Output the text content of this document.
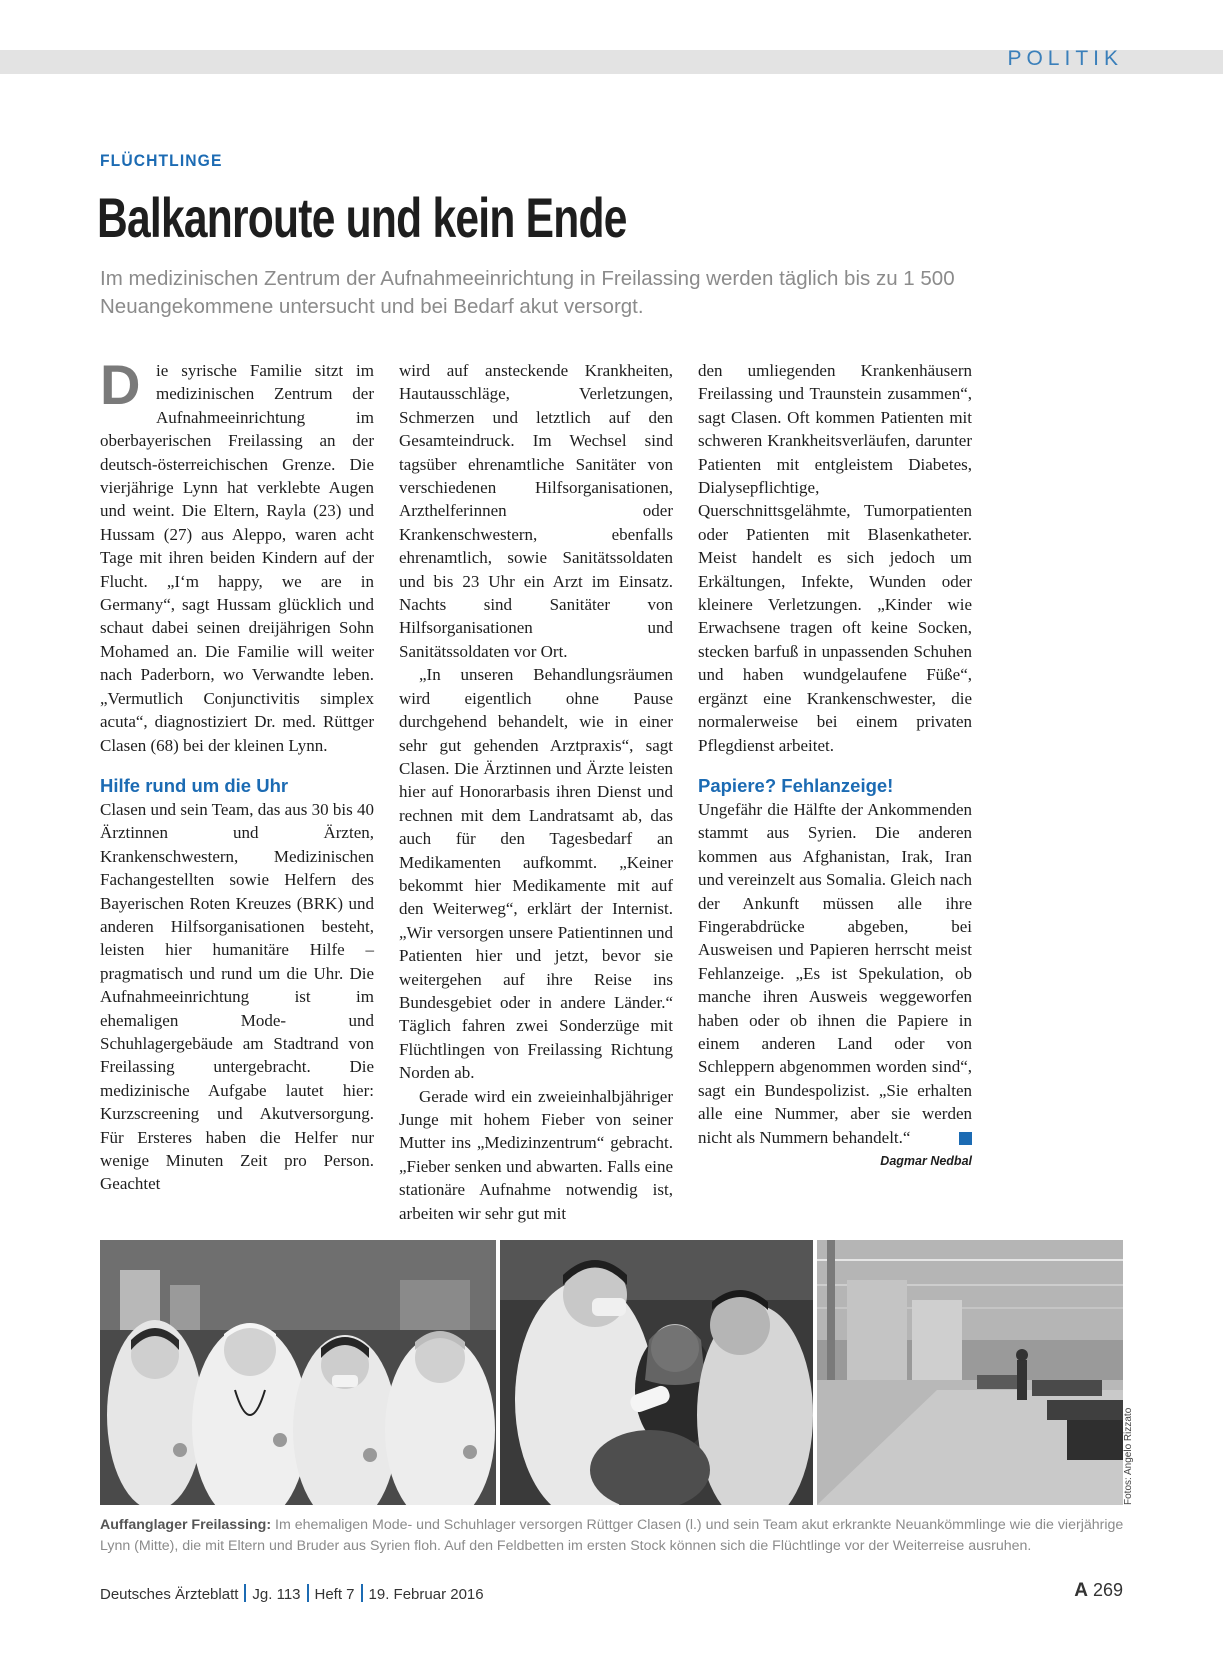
POLITIK
FLÜCHTLINGE
Balkanroute und kein Ende
Im medizinischen Zentrum der Aufnahmeeinrichtung in Freilassing werden täglich bis zu 1 500 Neuangekommene untersucht und bei Bedarf akut versorgt.
D ie syrische Familie sitzt im medizinischen Zentrum der Aufnahmeeinrichtung im oberbayerischen Freilassing an der deutsch-österreichischen Grenze. Die vierjährige Lynn hat verklebte Augen und weint. Die Eltern, Rayla (23) und Hussam (27) aus Aleppo, waren acht Tage mit ihren beiden Kindern auf der Flucht. „I‘m happy, we are in Germany“, sagt Hussam glücklich und schaut dabei seinen dreijährigen Sohn Mohamed an. Die Familie will weiter nach Paderborn, wo Verwandte leben. „Vermutlich Conjunctivitis simplex acuta“, diagnostiziert Dr. med. Rüttger Clasen (68) bei der kleinen Lynn.

Hilfe rund um die Uhr

Clasen und sein Team, das aus 30 bis 40 Ärztinnen und Ärzten, Krankenschwestern, Medizinischen Fachangestellten sowie Helfern des Bayerischen Roten Kreuzes (BRK) und anderen Hilfsorganisationen besteht, leisten hier humanitäre Hilfe – pragmatisch und rund um die Uhr. Die Aufnahmeeinrichtung ist im ehemaligen Mode- und Schuhlagergebäude am Stadtrand von Freilassing untergebracht. Die medizinische Aufgabe lautet hier: Kurzscreening und Akutversorgung. Für Ersteres haben die Helfer nur wenige Minuten Zeit pro Person. Geachtet

wird auf ansteckende Krankheiten, Hautausschläge, Verletzungen, Schmerzen und letztlich auf den Gesamteindruck. Im Wechsel sind tagsüber ehrenamtliche Sanitäter von verschiedenen Hilfsorganisationen, Arzthelferinnen oder Krankenschwestern, ebenfalls ehrenamtlich, sowie Sanitätssoldaten und bis 23 Uhr ein Arzt im Einsatz. Nachts sind Sanitäter von Hilfsorganisationen und Sanitätssoldaten vor Ort.

„In unseren Behandlungsräumen wird eigentlich ohne Pause durchgehend behandelt, wie in einer sehr gut gehenden Arztpraxis“, sagt Clasen. Die Ärztinnen und Ärzte leisten hier auf Honorarbasis ihren Dienst und rechnen mit dem Landratsamt ab, das auch für den Tagesbedarf an Medikamenten aufkommt. „Keiner bekommt hier Medikamente mit auf den Weiterweg“, erklärt der Internist. „Wir versorgen unsere Patientinnen und Patienten hier und jetzt, bevor sie weitergehen auf ihre Reise ins Bundesgebiet oder in andere Länder.“ Täglich fahren zwei Sonderzüge mit Flüchtlingen von Freilassing Richtung Norden ab.

Gerade wird ein zweieinhalbjähriger Junge mit hohem Fieber von seiner Mutter ins „Medizinzentrum“ gebracht. „Fieber senken und abwarten. Falls eine stationäre Aufnahme notwendig ist, arbeiten wir sehr gut mit

den umliegenden Krankenhäusern Freilassing und Traunstein zusammen“, sagt Clasen. Oft kommen Patienten mit schweren Krankheitsverläufen, darunter Patienten mit entgleistem Diabetes, Dialysepflichtige, Querschnittsgelähmte, Tumorpatienten oder Patienten mit Blasenkatheter. Meist handelt es sich jedoch um Erkältungen, Infekte, Wunden oder kleinere Verletzungen. „Kinder wie Erwachsene tragen oft keine Socken, stecken barfuß in unpassenden Schuhen und haben wundgelaufene Füße“, ergänzt eine Krankenschwester, die normalerweise bei einem privaten Pflegdienst arbeitet.

Papiere? Fehlanzeige!

Ungefähr die Hälfte der Ankommenden stammt aus Syrien. Die anderen kommen aus Afghanistan, Irak, Iran und vereinzelt aus Somalia. Gleich nach der Ankunft müssen alle ihre Fingerabdrücke abgeben, bei Ausweisen und Papieren herrscht meist Fehlanzeige. „Es ist Spekulation, ob manche ihren Ausweis weggeworfen haben oder ob ihnen die Papiere in einem anderen Land oder von Schleppern abgenommen worden sind“, sagt ein Bundespolizist. „Sie erhalten alle eine Nummer, aber sie werden nicht als Nummern behandelt.“

Dagmar Nedbal
Fotos: Angelo Rizzato
Auffanglager Freilassing: Im ehemaligen Mode- und Schuhlager versorgen Rüttger Clasen (l.) und sein Team akut erkrankte Neuankömmlinge wie die vierjährige Lynn (Mitte), die mit Eltern und Bruder aus Syrien floh. Auf den Feldbetten im ersten Stock können sich die Flüchtlinge vor der Weiterreise ausruhen.
Deutsches Ärzteblatt Jg. 113 Heft 7 19. Februar 2016	A 269
